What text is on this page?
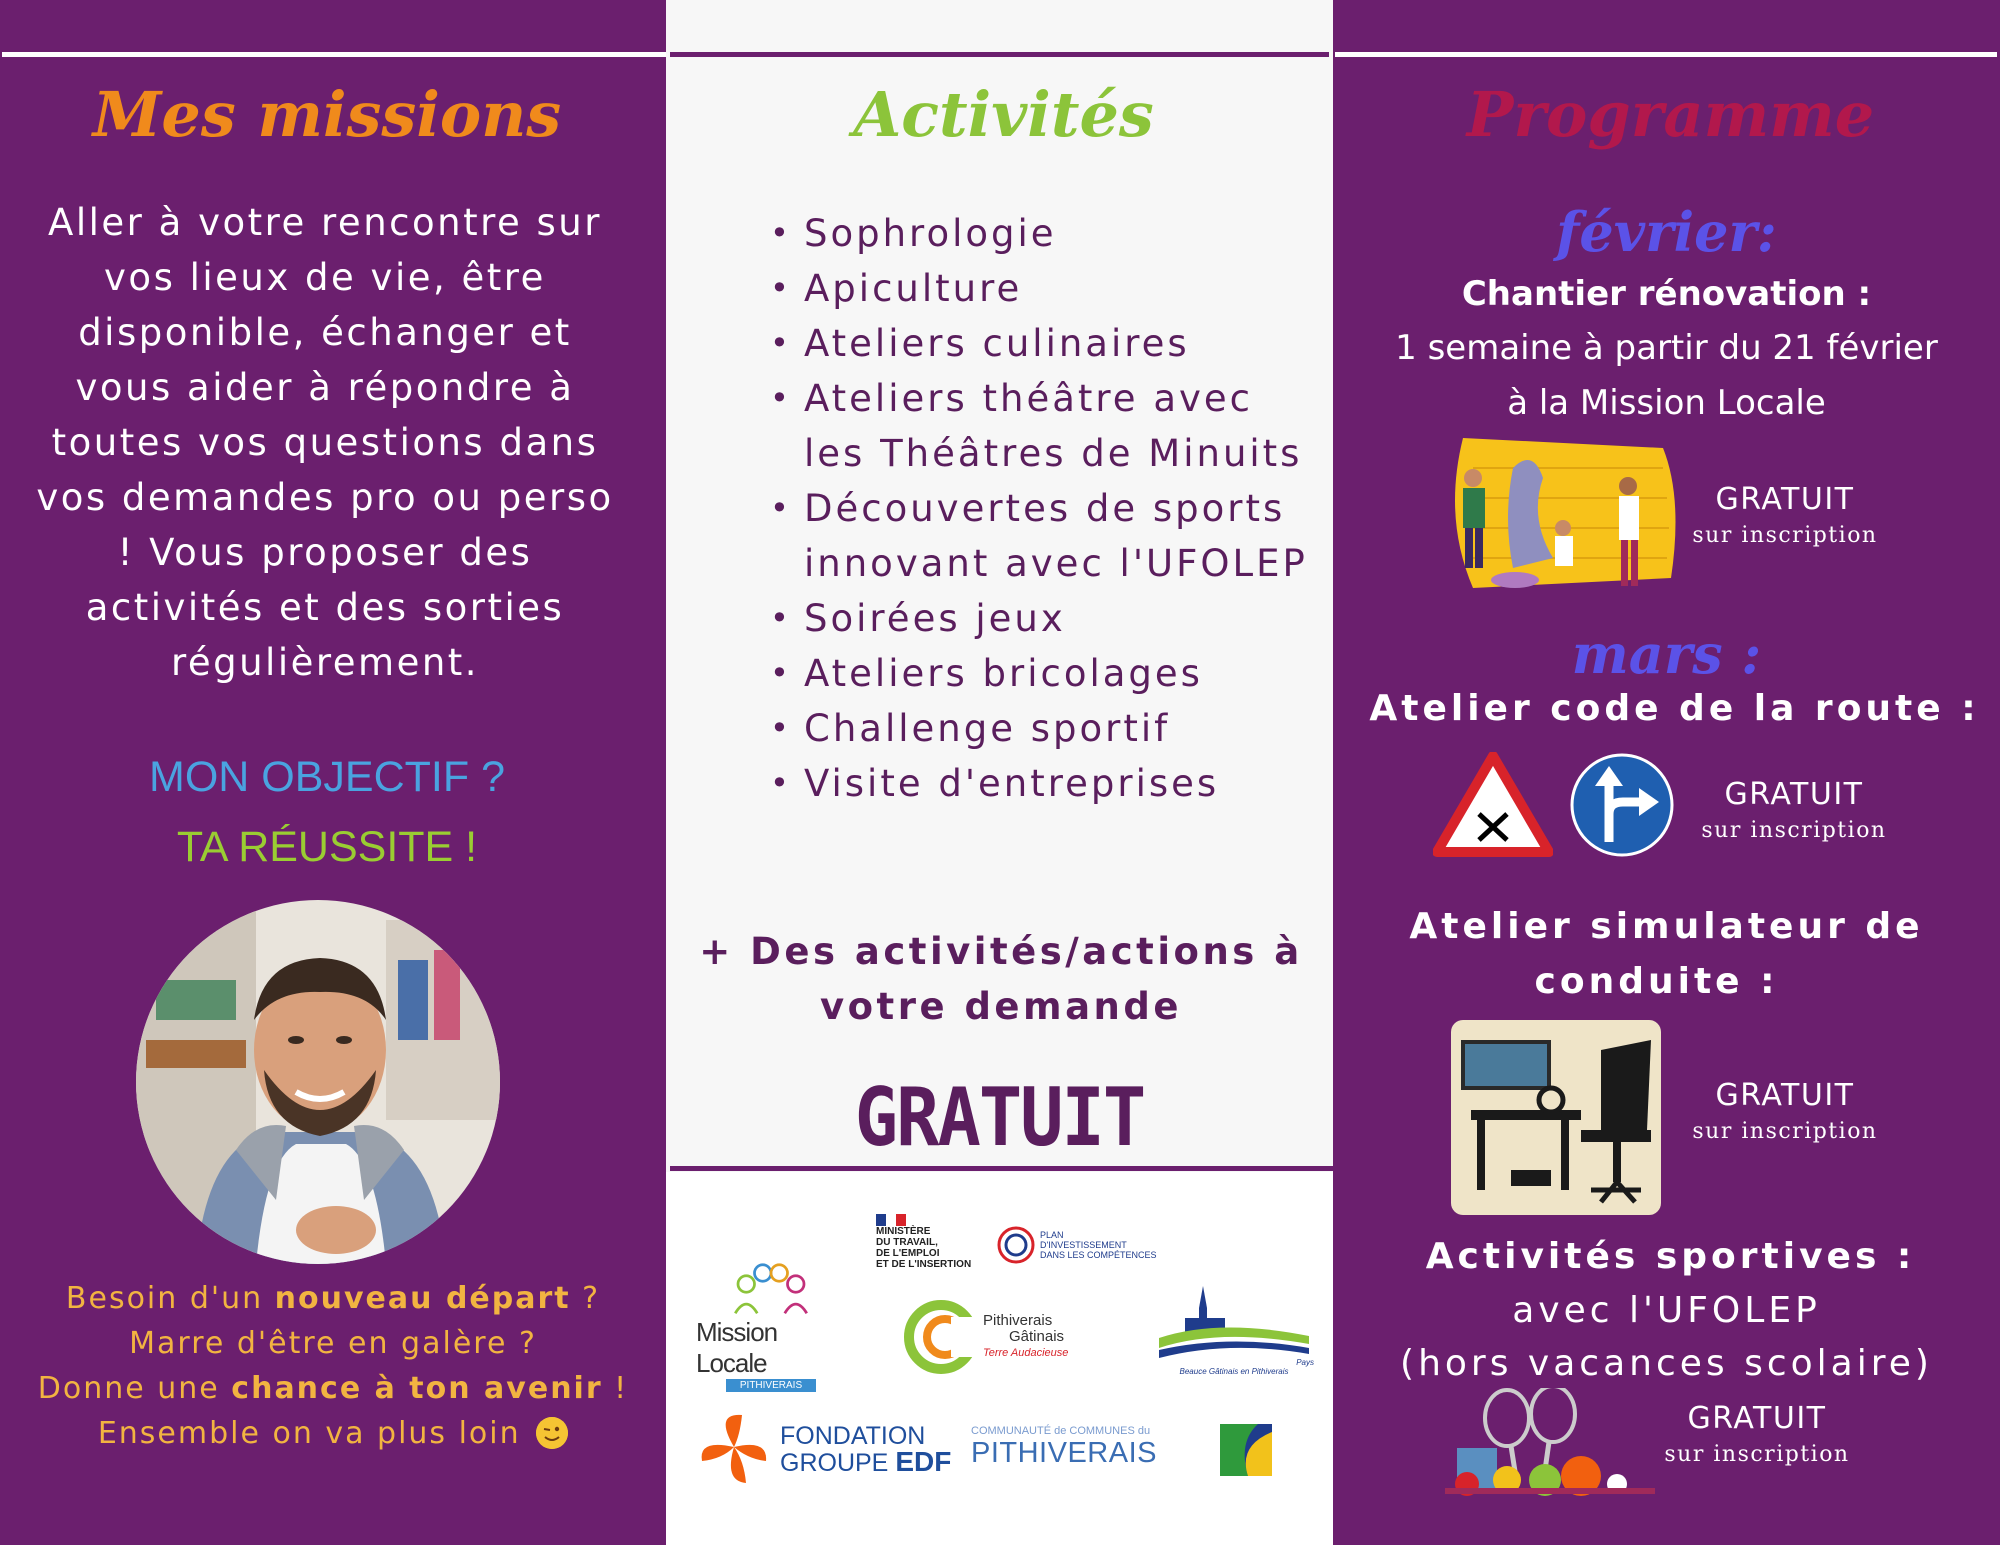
Mes missions
Aller à votre rencontre sur vos lieux de vie, être disponible, échanger et vous aider à répondre à toutes vos questions dans vos demandes pro ou perso ! Vous proposer des activités et des sorties régulièrement.
MON OBJECTIF ?
TA RÉUSSITE !
Besoin d'un nouveau départ ?
Marre d'être en galère ?
Donne une chance à ton avenir !
Ensemble on va plus loin
Activités
• Sophrologie
• Apiculture
• Ateliers culinaires
• Ateliers théâtre avec les Théâtres de Minuits
• Découvertes de sports innovant avec l'UFOLEP
• Soirées jeux
• Ateliers bricolages
• Challenge sportif
• Visite d'entreprises
+ Des activités/actions à votre demande
GRATUIT
MINISTÈRE
DU TRAVAIL,
DE L'EMPLOI
ET DE L'INSERTION
PLAN
D'INVESTISSEMENT
DANS LES COMPÉTENCES
Mission Locale
PITHIVERAIS
Pithiverais
Gâtinais
Terre Audacieuse
Pays
Beauce Gâtinais en Pithiverais
FONDATION
GROUPE EDF
COMMUNAUTÉ de COMMUNES du
PITHIVERAIS
Programme
février:
Chantier rénovation :
1 semaine à partir du 21 février
à la Mission Locale
GRATUIT
sur inscription
mars :
Atelier code de la route :
GRATUIT
sur inscription
Atelier simulateur de
conduite :
GRATUIT
sur inscription
Activités sportives :
avec l'UFOLEP
(hors vacances scolaire)
GRATUIT
sur inscription
